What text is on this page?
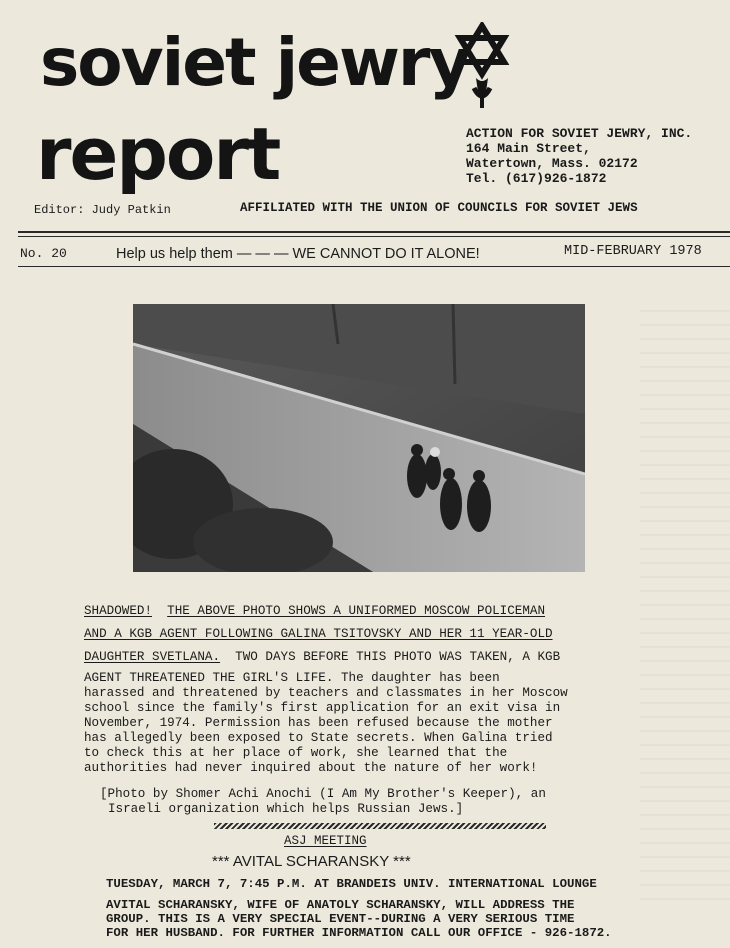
soviet jewry
report	ACTION FOR SOVIET JEWRY, INC.
164 Main Street,
Watertown, Mass. 02172
Tel. (617)926-1872
Editor: Judy Patkin	AFFILIATED WITH THE UNION OF COUNCILS FOR SOVIET JEWS
No. 20	Help us help them — — — WE CANNOT DO IT ALONE!	MID-FEBRUARY 1978
SHADOWED! THE ABOVE PHOTO SHOWS A UNIFORMED MOSCOW POLICEMAN
AND A KGB AGENT FOLLOWING GALINA TSITOVSKY AND HER 11 YEAR-OLD
DAUGHTER SVETLANA. TWO DAYS BEFORE THIS PHOTO WAS TAKEN, A KGB
AGENT THREATENED THE GIRL'S LIFE. The daughter has been
harassed and threatened by teachers and classmates in her Moscow
school since the family's first application for an exit visa in
November, 1974. Permission has been refused because the mother
has allegedly been exposed to State secrets. When Galina tried
to check this at her place of work, she learned that the
authorities had never inquired about the nature of her work!
[Photo by Shomer Achi Anochi (I Am My Brother's Keeper), an
Israeli organization which helps Russian Jews.]
ASJ MEETING
*** AVITAL SCHARANSKY ***
TUESDAY, MARCH 7, 7:45 P.M. AT BRANDEIS UNIV. INTERNATIONAL LOUNGE
AVITAL SCHARANSKY, WIFE OF ANATOLY SCHARANSKY, WILL ADDRESS THE
GROUP. THIS IS A VERY SPECIAL EVENT--DURING A VERY SERIOUS TIME
FOR HER HUSBAND. FOR FURTHER INFORMATION CALL OUR OFFICE - 926-1872.
